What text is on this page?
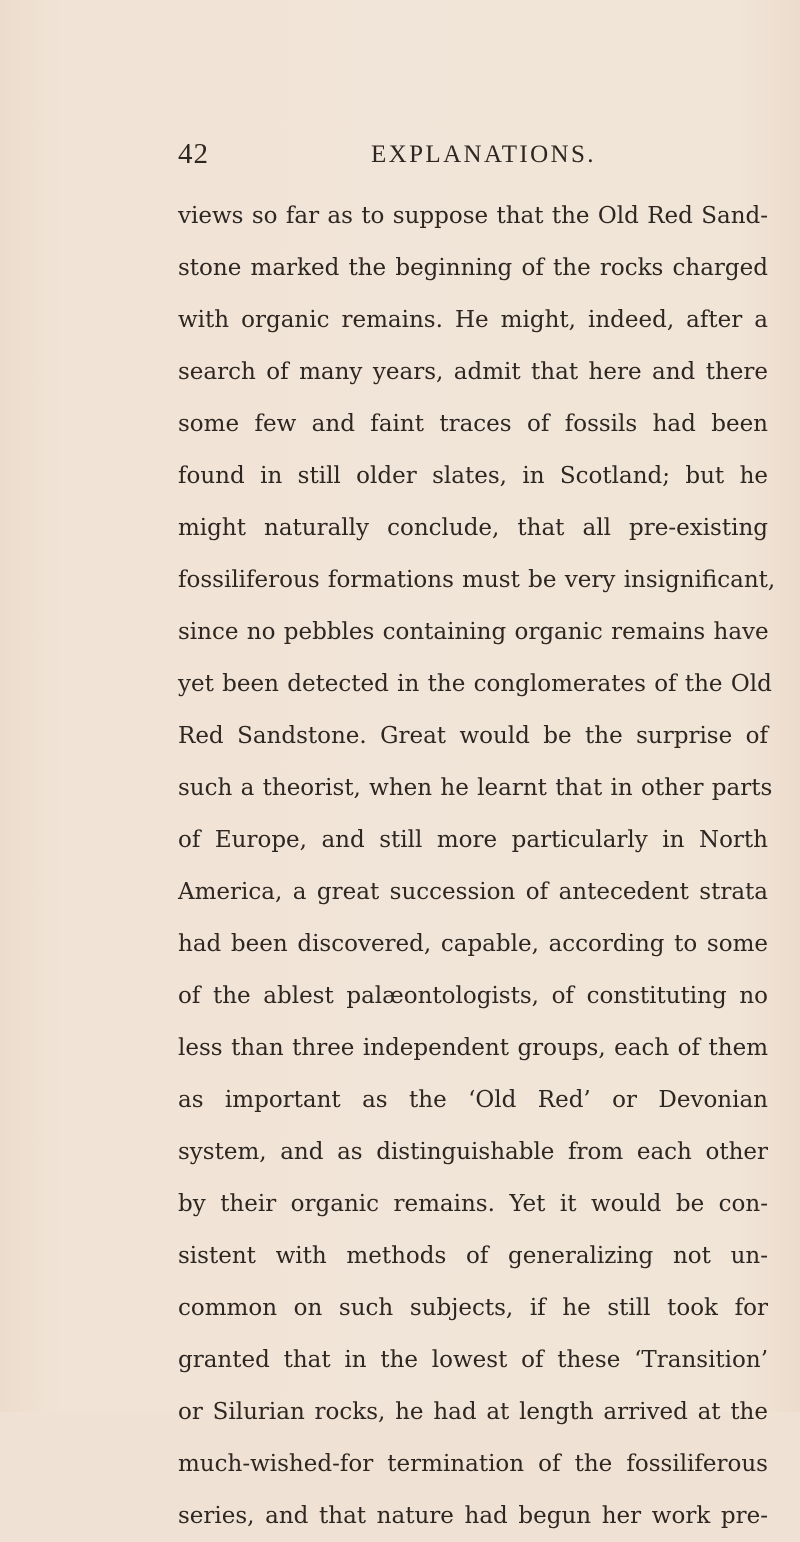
42	EXPLANATIONS.
views so far as to suppose that the Old Red Sand-
stone marked the beginning of the rocks charged
with organic remains. He might, indeed, after a
search of many years, admit that here and there
some few and faint traces of fossils had been
found in still older slates, in Scotland; but he
might naturally conclude, that all pre-existing
fossiliferous formations must be very insignificant,
since no pebbles containing organic remains have
yet been detected in the conglomerates of the Old
Red Sandstone. Great would be the surprise of
such a theorist, when he learnt that in other parts
of Europe, and still more particularly in North
America, a great succession of antecedent strata
had been discovered, capable, according to some
of the ablest palæontologists, of constituting no
less than three independent groups, each of them
as important as the ‘Old Red’ or Devonian
system, and as distinguishable from each other
by their organic remains. Yet it would be con-
sistent with methods of generalizing not un-
common on such subjects, if he still took for
granted that in the lowest of these ‘Transition’
or Silurian rocks, he had at length arrived at the
much-wished-for termination of the fossiliferous
series, and that nature had begun her work pre-
